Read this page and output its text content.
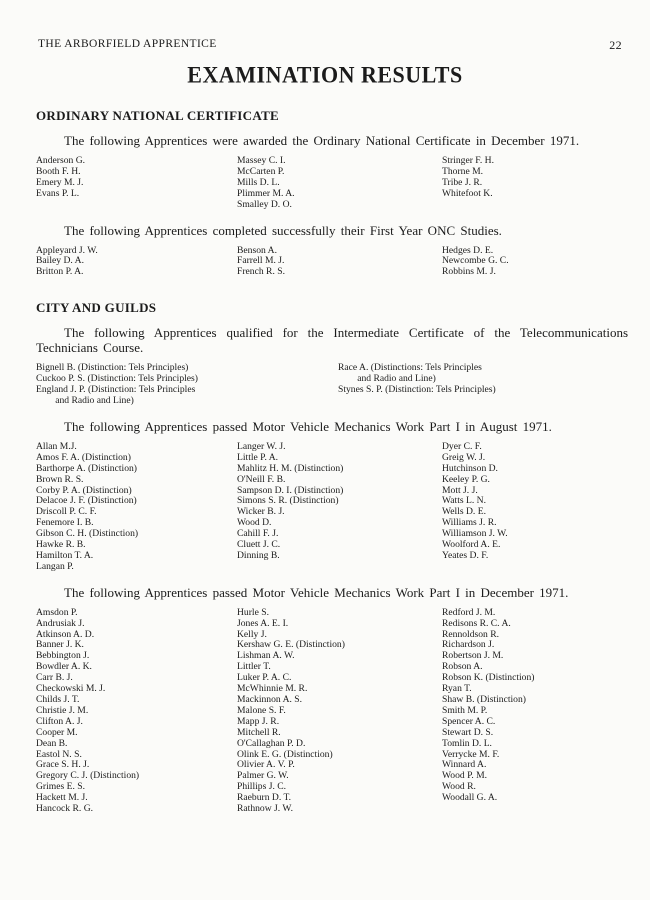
THE ARBORFIELD APPRENTICE	22
EXAMINATION RESULTS
ORDINARY NATIONAL CERTIFICATE

The following Apprentices were awarded the Ordinary National Certificate in December 1971.

Anderson G.
Booth F. H.
Emery M. J.
Evans P. L.
Massey C. I.
McCarten P.
Mills D. L.
Plimmer M. A.
Smalley D. O.
Stringer F. H.
Thorne M.
Tribe J. R.
Whitefoot K.

The following Apprentices completed successfully their First Year ONC Studies.

Appleyard J. W.
Bailey D. A.
Britton P. A.
Benson A.
Farrell M. J.
French R. S.
Hedges D. E.
Newcombe G. C.
Robbins M. J.
CITY AND GUILDS

The following Apprentices qualified for the Intermediate Certificate of the Telecommunications Technicians Course.

Bignell B. (Distinction: Tels Principles)
Cuckoo P. S. (Distinction: Tels Principles)
England J. P. (Distinction: Tels Principles
and Radio and Line)
Race A. (Distinctions: Tels Principles
and Radio and Line)
Stynes S. P. (Distinction: Tels Principles)

The following Apprentices passed Motor Vehicle Mechanics Work Part I in August 1971.

Allan M.J.
Amos F. A. (Distinction)
Barthorpe A. (Distinction)
Brown R. S.
Corby P. A. (Distinction)
Delacoe J. F. (Distinction)
Driscoll P. C. F.
Fenemore I. B.
Gibson C. H. (Distinction)
Hawke R. B.
Hamilton T. A.
Langan P.
Langer W. J.
Little P. A.
Mahlitz H. M. (Distinction)
O'Neill F. B.
Sampson D. I. (Distinction)
Simons S. R. (Distinction)
Wicker B. J.
Wood D.
Cahill F. J.
Cluett J. C.
Dinning B.
Dyer C. F.
Greig W. J.
Hutchinson D.
Keeley P. G.
Mott J. J.
Watts L. N.
Wells D. E.
Williams J. R.
Williamson J. W.
Woolford A. E.
Yeates D. F.

The following Apprentices passed Motor Vehicle Mechanics Work Part I in December 1971.

Amsdon P.
Andrusiak J.
Atkinson A. D.
Banner J. K.
Bebbington J.
Bowdler A. K.
Carr B. J.
Checkowski M. J.
Childs J. T.
Christie J. M.
Clifton A. J.
Cooper M.
Dean B.
Eastol N. S.
Grace S. H. J.
Gregory C. J. (Distinction)
Grimes E. S.
Hackett M. J.
Hancock R. G.
Hurle S.
Jones A. E. I.
Kelly J.
Kershaw G. E. (Distinction)
Lishman A. W.
Littler T.
Luker P. A. C.
McWhinnie M. R.
Mackinnon A. S.
Malone S. F.
Mapp J. R.
Mitchell R.
O'Callaghan P. D.
Olink E. G. (Distinction)
Olivier A. V. P.
Palmer G. W.
Phillips J. C.
Raeburn D. T.
Rathnow J. W.
Redford J. M.
Redisons R. C. A.
Rennoldson R.
Richardson J.
Robertson J. M.
Robson A.
Robson K. (Distinction)
Ryan T.
Shaw B. (Distinction)
Smith M. P.
Spencer A. C.
Stewart D. S.
Tomlin D. L.
Verrycke M. F.
Winnard A.
Wood P. M.
Wood R.
Woodall G. A.
